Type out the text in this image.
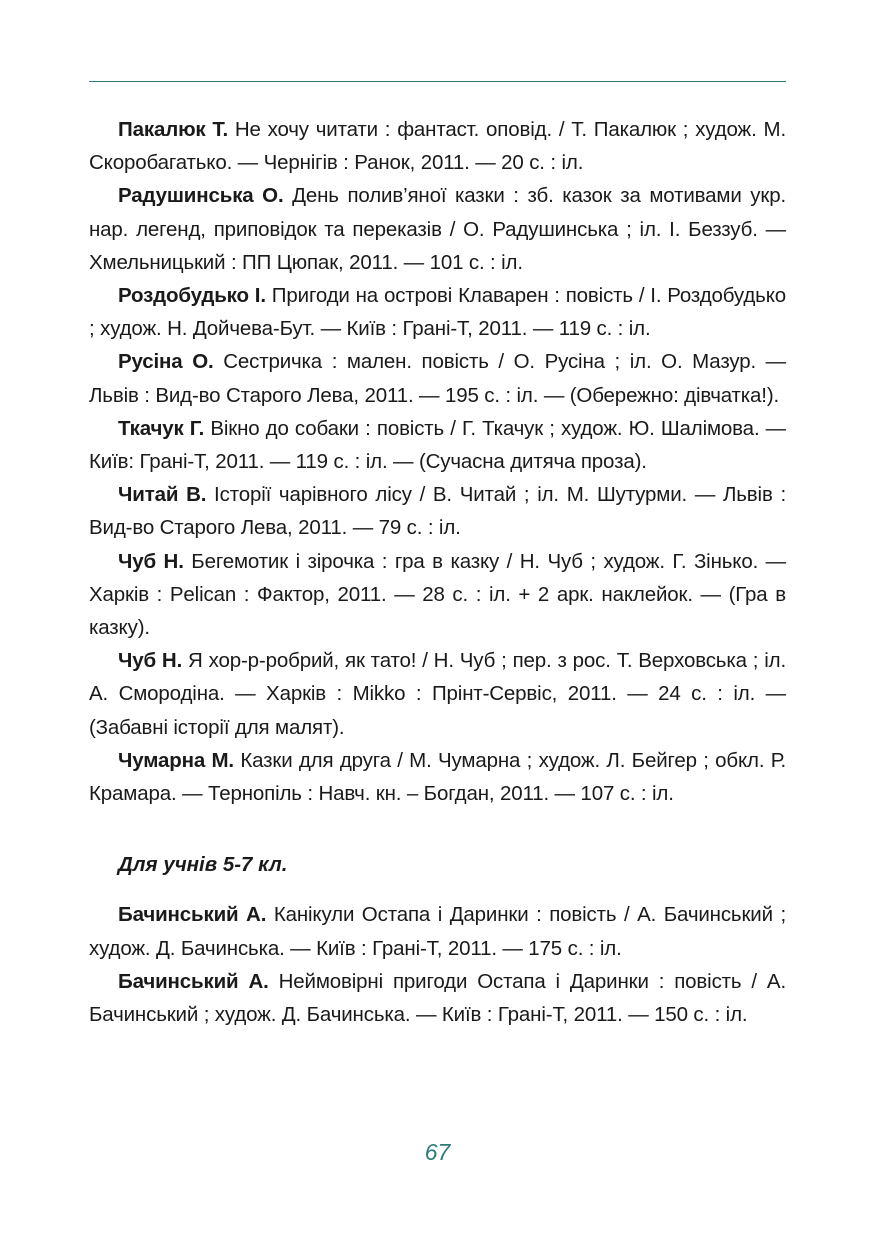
Пакалюк Т. Не хочу читати : фантаст. оповід. / Т. Пакалюк ; худож. М. Скоробагатько. — Чернігів : Ранок, 2011. — 20 с. : іл.

Радушинська О. День полив’яної казки : зб. казок за мотивами укр. нар. легенд, приповідок та переказів / О. Радушинська ; іл. І. Беззуб. — Хмельницький : ПП Цюпак, 2011. — 101 с. : іл.

Роздобудько І. Пригоди на острові Клаварен : повість / І. Роздобудько ; худож. Н. Дойчева-Бут. — Київ : Грані-Т, 2011. — 119 с. : іл.

Русіна О. Сестричка : мален. повість / О. Русіна ; іл. О. Мазур. — Львів : Вид-во Старого Лева, 2011. — 195 с. : іл. — (Обережно: дівчатка!).

Ткачук Г. Вікно до собаки : повість / Г. Ткачук ; худож. Ю. Шалімова. — Київ: Грані-Т, 2011. — 119 с. : іл. — (Сучасна дитяча проза).

Читай В. Історії чарівного лісу / В. Читай ; іл. М. Шутурми. — Львів : Вид-во Старого Лева, 2011. — 79 с. : іл.

Чуб Н. Бегемотик і зірочка : гра в казку / Н. Чуб ; худож. Г. Зінько. — Харків : Pelican : Фактор, 2011. — 28 с. : іл. + 2 арк. наклейок. — (Гра в казку).

Чуб Н. Я хор-р-робрий, як тато! / Н. Чуб ; пер. з рос. Т. Верховська ; іл. А. Смородіна. — Харків : Mikko : Прінт-Сервіс, 2011. — 24 с. : іл. — (Забавні історії для малят).

Чумарна М. Казки для друга / М. Чумарна ; худож. Л. Бейгер ; обкл. Р. Крамара. — Тернопіль : Навч. кн. – Богдан, 2011. — 107 с. : іл.

Для учнів 5-7 кл.

Бачинський А. Канікули Остапа і Даринки : повість / А. Бачинський ; худож. Д. Бачинська. — Київ : Грані-Т, 2011. — 175 с. : іл.

Бачинський А. Неймовірні пригоди Остапа і Даринки : повість / А. Бачинський ; худож. Д. Бачинська. — Київ : Грані-Т, 2011. — 150 с. : іл.

67
